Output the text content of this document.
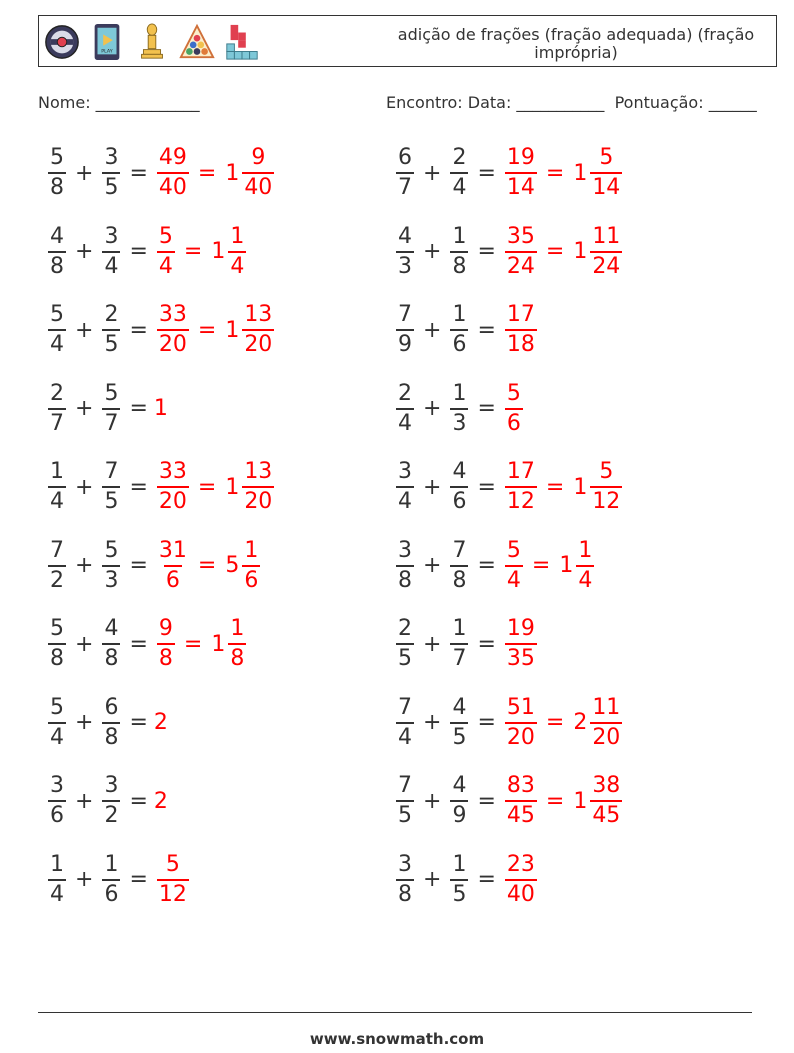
PLAY
adição de frações (fração adequada) (fração imprópria)
Nome: _____________	Encontro: Data: ___________ Pontuação: ______
$\frac{5}{8} + \frac{3}{5} = \frac{49}{40} = 1 \frac{9}{40}$	$\frac{6}{7} + \frac{2}{4} = \frac{19}{14} = 1 \frac{5}{14}$
$\frac{4}{8} + \frac{3}{4} = \frac{5}{4} = 1 \frac{1}{4}$	$\frac{4}{3} + \frac{1}{8} = \frac{35}{24} = 1 \frac{11}{24}$
$\frac{5}{4} + \frac{2}{5} = \frac{33}{20} = 1 \frac{13}{20}$	$\frac{7}{9} + \frac{1}{6} = \frac{17}{18}$
$\frac{2}{7} + \frac{5}{7} = 1$	$\frac{2}{4} + \frac{1}{3} = \frac{5}{6}$
$\frac{1}{4} + \frac{7}{5} = \frac{33}{20} = 1 \frac{13}{20}$	$\frac{3}{4} + \frac{4}{6} = \frac{17}{12} = 1 \frac{5}{12}$
$\frac{7}{2} + \frac{5}{3} = \frac{31}{6} = 5 \frac{1}{6}$	$\frac{3}{8} + \frac{7}{8} = \frac{5}{4} = 1 \frac{1}{4}$
$\frac{5}{8} + \frac{4}{8} = \frac{9}{8} = 1 \frac{1}{8}$	$\frac{2}{5} + \frac{1}{7} = \frac{19}{35}$
$\frac{5}{4} + \frac{6}{8} = 2$	$\frac{7}{4} + \frac{4}{5} = \frac{51}{20} = 2 \frac{11}{20}$
$\frac{3}{6} + \frac{3}{2} = 2$	$\frac{7}{5} + \frac{4}{9} = \frac{83}{45} = 1 \frac{38}{45}$
$\frac{1}{4} + \frac{1}{6} = \frac{5}{12}$	$\frac{3}{8} + \frac{1}{5} = \frac{23}{40}$
www.snowmath.com
